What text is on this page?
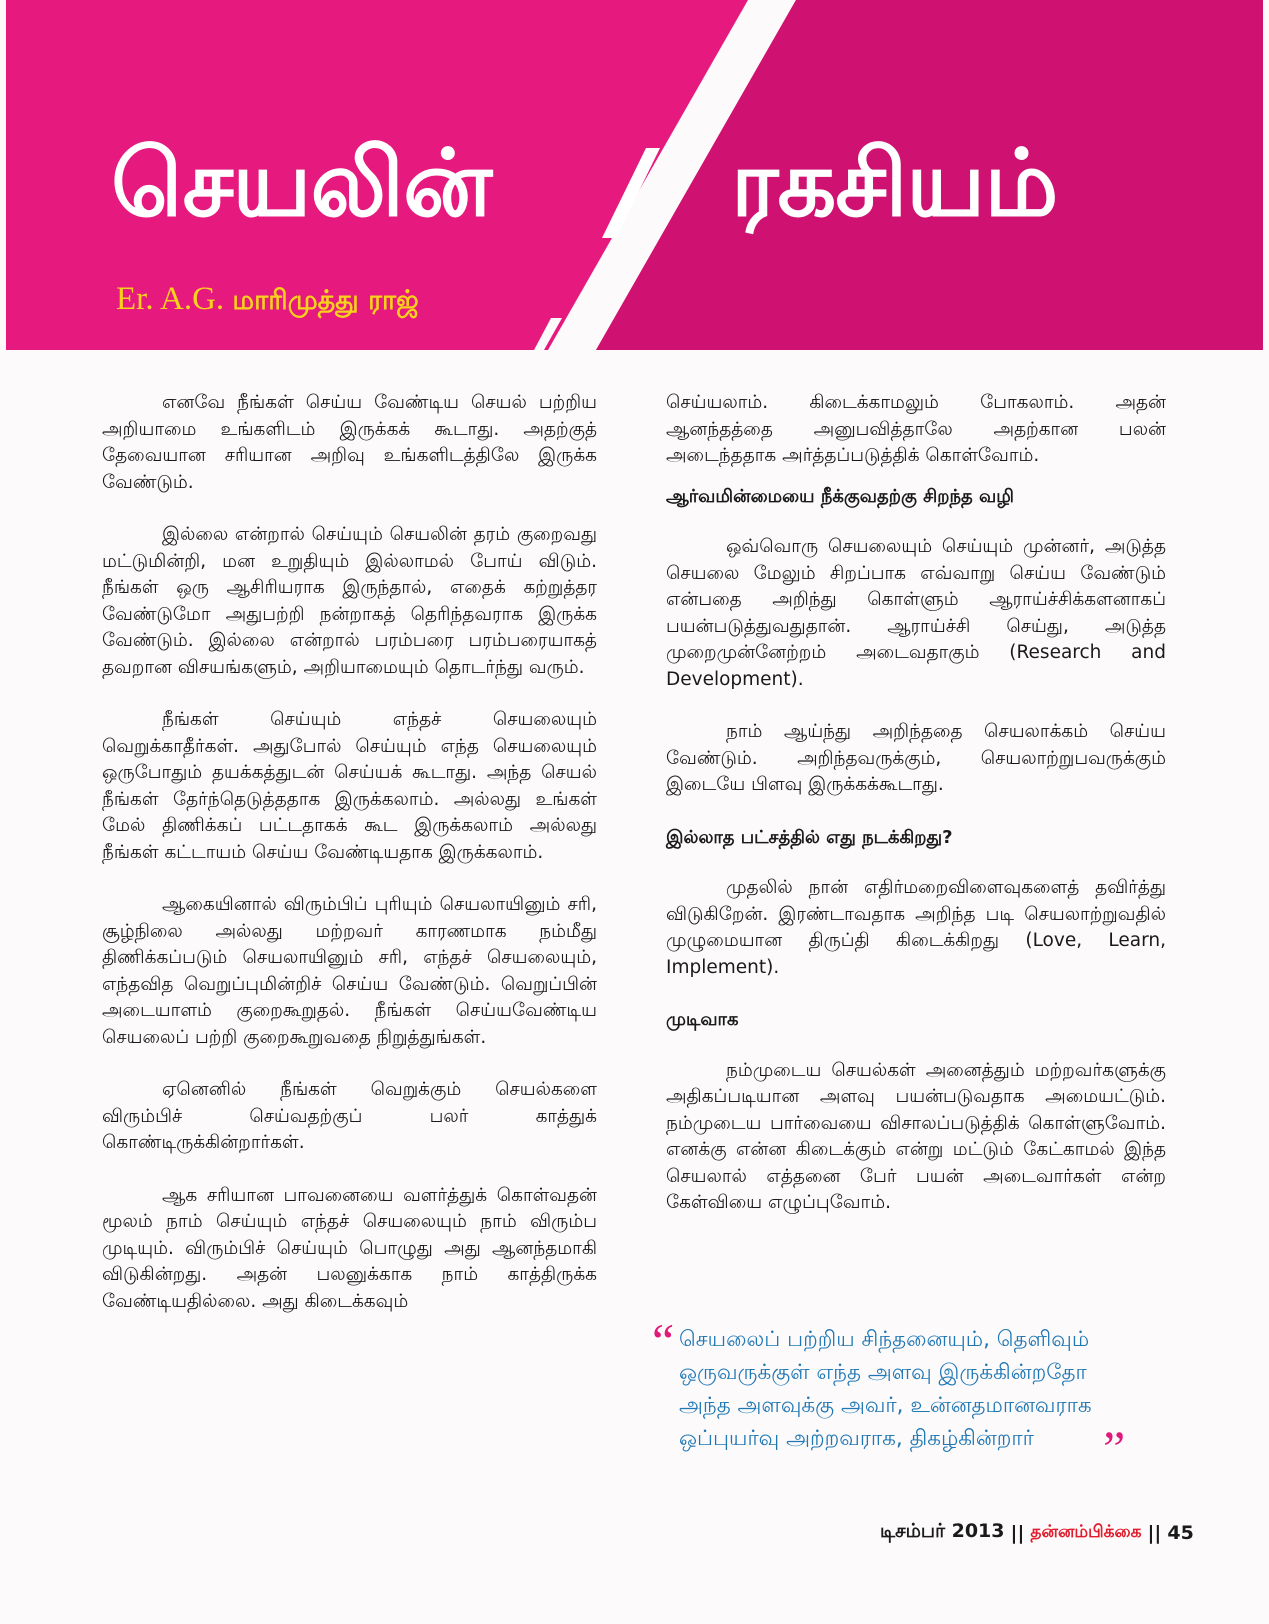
செயலின்	ரகசியம்
Er. A.G. மாரிமுத்து ராஜ்

எனவே நீங்கள் செய்ய வேண்டிய செயல் பற்றிய அறியாமை உங்களிடம் இருக்கக் கூடாது. அதற்குத் தேவையான சரியான அறிவு உங்களிடத்திலே இருக்க வேண்டும்.

இல்லை என்றால் செய்யும் செயலின் தரம் குறைவது மட்டுமின்றி, மன உறுதியும் இல்லாமல் போய் விடும். நீங்கள் ஒரு ஆசிரியராக இருந்தால், எதைக் கற்றுத்தர வேண்டுமோ அதுபற்றி நன்றாகத் தெரிந்தவராக இருக்க வேண்டும். இல்லை என்றால் பரம்பரை பரம்பரையாகத் தவறான விசயங்களும், அறியாமையும் தொடர்ந்து வரும்.

நீங்கள் செய்யும் எந்தச் செயலையும் வெறுக்காதீர்கள். அதுபோல் செய்யும் எந்த செயலையும் ஒருபோதும் தயக்கத்துடன் செய்யக் கூடாது. அந்த செயல் நீங்கள் தேர்ந்தெடுத்ததாக இருக்கலாம். அல்லது உங்கள் மேல் திணிக்கப் பட்டதாகக் கூட இருக்கலாம் அல்லது நீங்கள் கட்டாயம் செய்ய வேண்டியதாக இருக்கலாம்.

ஆகையினால் விரும்பிப் புரியும் செயலாயினும் சரி, சூழ்நிலை அல்லது மற்றவர் காரணமாக நம்மீது திணிக்கப்படும் செயலாயினும் சரி, எந்தச் செயலையும், எந்தவித வெறுப்புமின்றிச் செய்ய வேண்டும். வெறுப்பின் அடையாளம் குறைகூறுதல். நீங்கள் செய்யவேண்டிய செயலைப் பற்றி குறைகூறுவதை நிறுத்துங்கள்.

ஏனெனில் நீங்கள் வெறுக்கும் செயல்களை விரும்பிச் செய்வதற்குப் பலர் காத்துக் கொண்டிருக்கின்றார்கள்.

ஆக சரியான பாவனையை வளர்த்துக் கொள்வதன் மூலம் நாம் செய்யும் எந்தச் செயலையும் நாம் விரும்ப முடியும். விரும்பிச் செய்யும் பொழுது அது ஆனந்தமாகி விடுகின்றது. அதன் பலனுக்காக நாம் காத்திருக்க வேண்டியதில்லை. அது கிடைக்கவும்

செய்யலாம். கிடைக்காமலும் போகலாம். அதன் ஆனந்தத்தை அனுபவித்தாலே அதற்கான பலன் அடைந்ததாக அர்த்தப்படுத்திக் கொள்வோம்.

ஆர்வமின்மையை நீக்குவதற்கு சிறந்த வழி

ஒவ்வொரு செயலையும் செய்யும் முன்னர், அடுத்த செயலை மேலும் சிறப்பாக எவ்வாறு செய்ய வேண்டும் என்பதை அறிந்து கொள்ளும் ஆராய்ச்சிக்களனாகப் பயன்படுத்துவதுதான். ஆராய்ச்சி செய்து, அடுத்த முறைமுன்னேற்றம் அடைவதாகும் (Research and Development).

நாம் ஆய்ந்து அறிந்ததை செயலாக்கம் செய்ய வேண்டும். அறிந்தவருக்கும், செயலாற்றுபவருக்கும் இடையே பிளவு இருக்கக்கூடாது.

இல்லாத பட்சத்தில் எது நடக்கிறது?

முதலில் நான் எதிர்மறைவிளைவுகளைத் தவிர்த்து விடுகிறேன். இரண்டாவதாக அறிந்த படி செயலாற்றுவதில் முழுமையான திருப்தி கிடைக்கிறது (Love, Learn, Implement).

முடிவாக

நம்முடைய செயல்கள் அனைத்தும் மற்றவர்களுக்கு அதிகப்படியான அளவு பயன்படுவதாக அமையட்டும். நம்முடைய பார்வையை விசாலப்படுத்திக் கொள்ளுவோம். எனக்கு என்ன கிடைக்கும் என்று மட்டும் கேட்காமல் இந்த செயலால் எத்தனை பேர் பயன் அடைவார்கள் என்ற கேள்வியை எழுப்புவோம்.

“ செயலைப் பற்றிய சிந்தனையும், தெளிவும்
ஒருவருக்குள் எந்த அளவு இருக்கின்றதோ
அந்த அளவுக்கு அவர், உன்னதமானவராக
ஒப்புயர்வு அற்றவராக, திகழ்கின்றார்	”
டிசம்பர் 2013 || தன்னம்பிக்கை || 45
